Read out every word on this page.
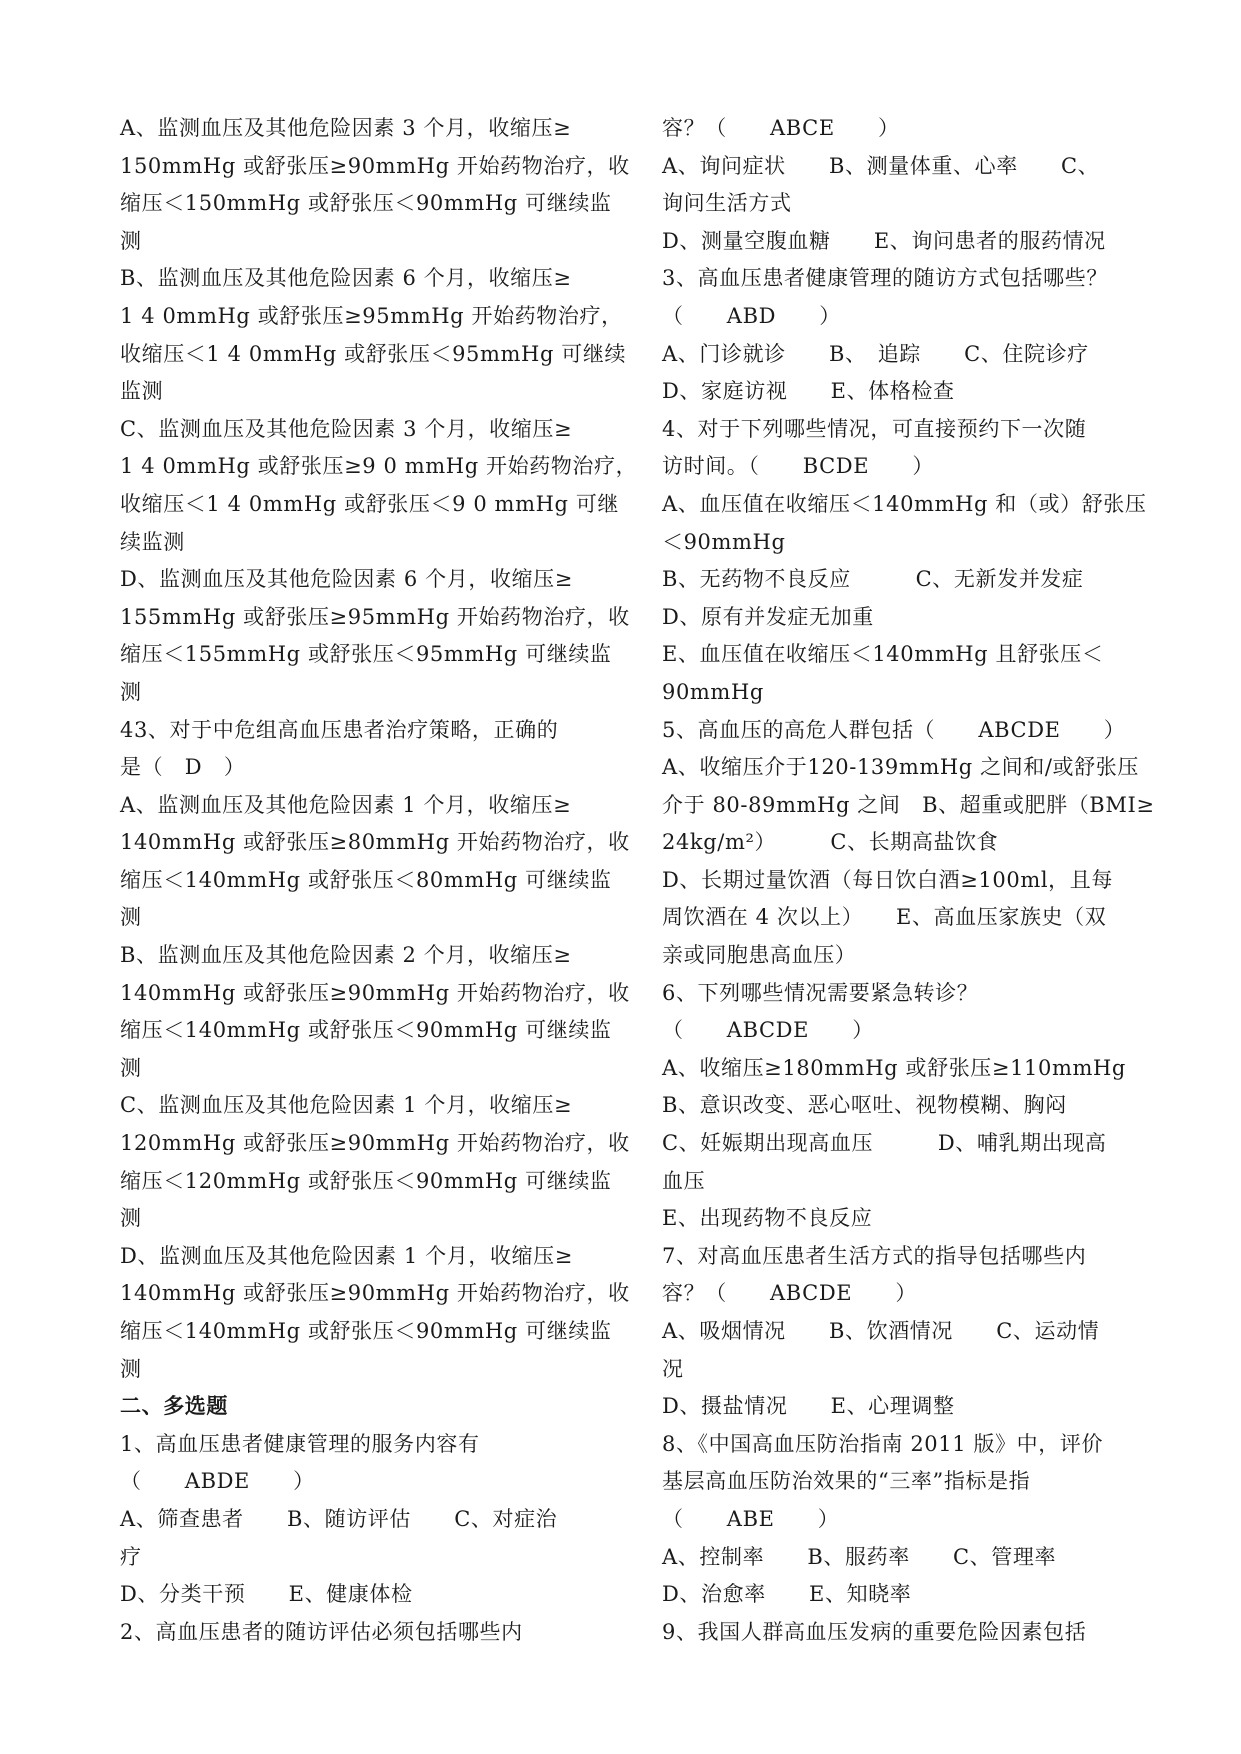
A、监测血压及其他危险因素 3 个月，收缩压≥
150mmHg 或舒张压≥90mmHg 开始药物治疗，收
缩压＜150mmHg 或舒张压＜90mmHg 可继续监
测
B、监测血压及其他危险因素 6 个月，收缩压≥
1 4 0mmHg 或舒张压≥95mmHg 开始药物治疗，
收缩压＜1 4 0mmHg 或舒张压＜95mmHg 可继续
监测
C、监测血压及其他危险因素 3 个月，收缩压≥
1 4 0mmHg 或舒张压≥9 0 mmHg 开始药物治疗，
收缩压＜1 4 0mmHg 或舒张压＜9 0 mmHg 可继
续监测
D、监测血压及其他危险因素 6 个月，收缩压≥
155mmHg 或舒张压≥95mmHg 开始药物治疗，收
缩压＜155mmHg 或舒张压＜95mmHg 可继续监
测
43、对于中危组高血压患者治疗策略，正确的
是（　D　）
A、监测血压及其他危险因素 1 个月，收缩压≥
140mmHg 或舒张压≥80mmHg 开始药物治疗，收
缩压＜140mmHg 或舒张压＜80mmHg 可继续监
测
B、监测血压及其他危险因素 2 个月，收缩压≥
140mmHg 或舒张压≥90mmHg 开始药物治疗，收
缩压＜140mmHg 或舒张压＜90mmHg 可继续监
测
C、监测血压及其他危险因素 1 个月，收缩压≥
120mmHg 或舒张压≥90mmHg 开始药物治疗，收
缩压＜120mmHg 或舒张压＜90mmHg 可继续监
测
D、监测血压及其他危险因素 1 个月，收缩压≥
140mmHg 或舒张压≥90mmHg 开始药物治疗，收
缩压＜140mmHg 或舒张压＜90mmHg 可继续监
测
二、多选题
1、高血压患者健康管理的服务内容有
（　　ABDE　　）
A、筛查患者　　B、随访评估　　C、对症治
疗
D、分类干预　　E、健康体检
2、高血压患者的随访评估必须包括哪些内
容？（　　ABCE　　）
A、询问症状　　B、测量体重、心率　　C、
询问生活方式
D、测量空腹血糖　　E、询问患者的服药情况
3、高血压患者健康管理的随访方式包括哪些？
（　　ABD　　）
A、门诊就诊　　B、　追踪　　C、住院诊疗
D、家庭访视　　E、体格检查
4、对于下列哪些情况，可直接预约下一次随
访时间。（　　BCDE　　）
A、血压值在收缩压＜140mmHg 和（或）舒张压
＜90mmHg
B、无药物不良反应　　　C、无新发并发症
D、原有并发症无加重
E、血压值在收缩压＜140mmHg 且舒张压＜
90mmHg
5、高血压的高危人群包括（　　ABCDE　　）
A、收缩压介于120-139mmHg 之间和/或舒张压
介于 80-89mmHg 之间　B、超重或肥胖（BMI≥
24kg/m²）　　　C、长期高盐饮食
D、长期过量饮酒（每日饮白酒≥100ml，且每
周饮酒在 4 次以上）　　E、高血压家族史（双
亲或同胞患高血压）
6、下列哪些情况需要紧急转诊？
（　　ABCDE　　）
A、收缩压≥180mmHg 或舒张压≥110mmHg
B、意识改变、恶心呕吐、视物模糊、胸闷
C、妊娠期出现高血压　　　D、哺乳期出现高
血压
E、出现药物不良反应
7、对高血压患者生活方式的指导包括哪些内
容？（　　ABCDE　　）
A、吸烟情况　　B、饮酒情况　　C、运动情
况
D、摄盐情况　　E、心理调整
8、《中国高血压防治指南 2011 版》中，评价
基层高血压防治效果的“三率”指标是指
（　　ABE　　）
A、控制率　　B、服药率　　C、管理率
D、治愈率　　E、知晓率
9、我国人群高血压发病的重要危险因素包括
